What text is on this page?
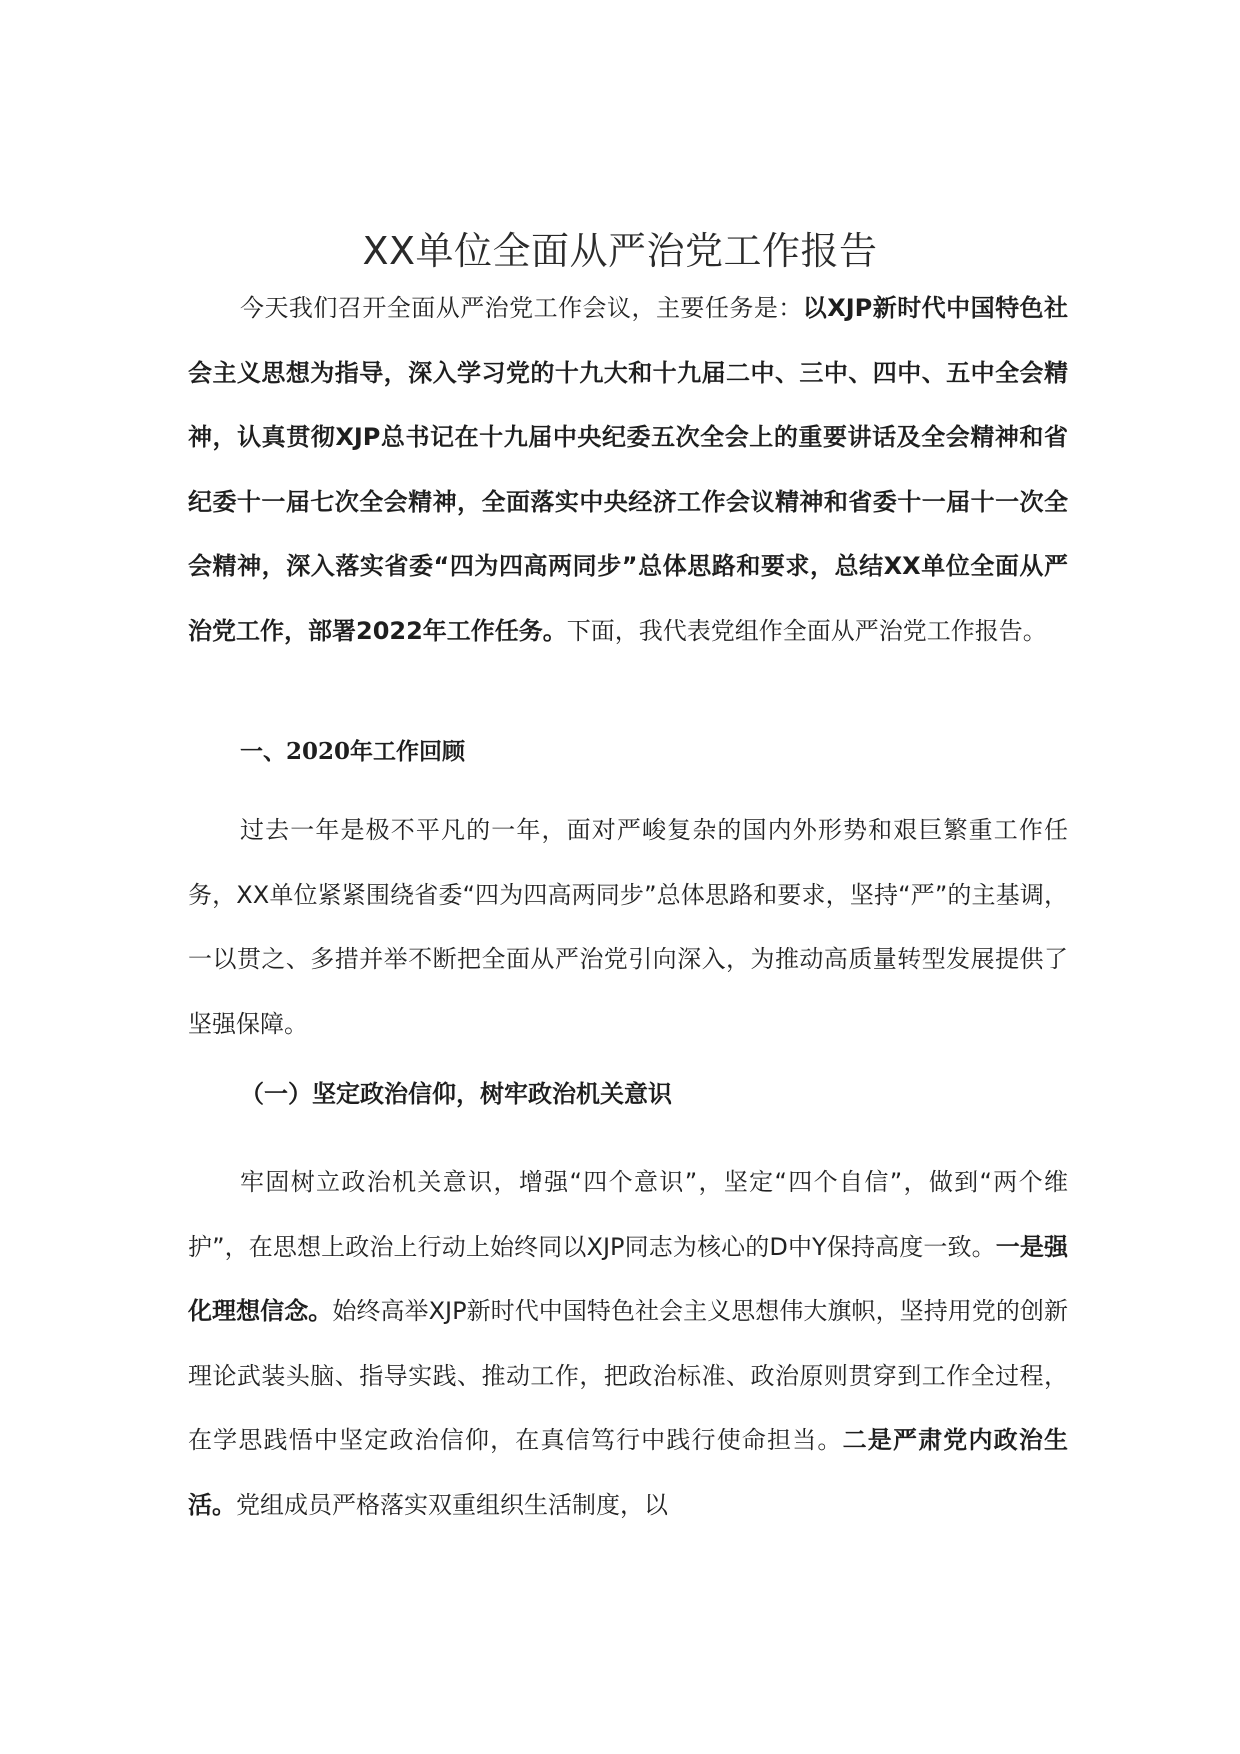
XX单位全面从严治党工作报告

今天我们召开全面从严治党工作会议，主要任务是：以XJP新时代中国特色社会主义思想为指导，深入学习党的十九大和十九届二中、三中、四中、五中全会精神，认真贯彻XJP总书记在十九届中央纪委五次全会上的重要讲话及全会精神和省纪委十一届七次全会精神，全面落实中央经济工作会议精神和省委十一届十一次全会精神，深入落实省委“四为四高两同步”总体思路和要求，总结XX单位全面从严治党工作，部署2022年工作任务。下面，我代表党组作全面从严治党工作报告。

一、2020年工作回顾

过去一年是极不平凡的一年，面对严峻复杂的国内外形势和艰巨繁重工作任务，XX单位紧紧围绕省委“四为四高两同步”总体思路和要求，坚持“严”的主基调，一以贯之、多措并举不断把全面从严治党引向深入，为推动高质量转型发展提供了坚强保障。

（一）坚定政治信仰，树牢政治机关意识

牢固树立政治机关意识，增强“四个意识”，坚定“四个自信”，做到“两个维护”，在思想上政治上行动上始终同以XJP同志为核心的D中Y保持高度一致。一是强化理想信念。始终高举XJP新时代中国特色社会主义思想伟大旗帜，坚持用党的创新理论武装头脑、指导实践、推动工作，把政治标准、政治原则贯穿到工作全过程，在学思践悟中坚定政治信仰，在真信笃行中践行使命担当。二是严肃党内政治生活。党组成员严格落实双重组织生活制度，以
